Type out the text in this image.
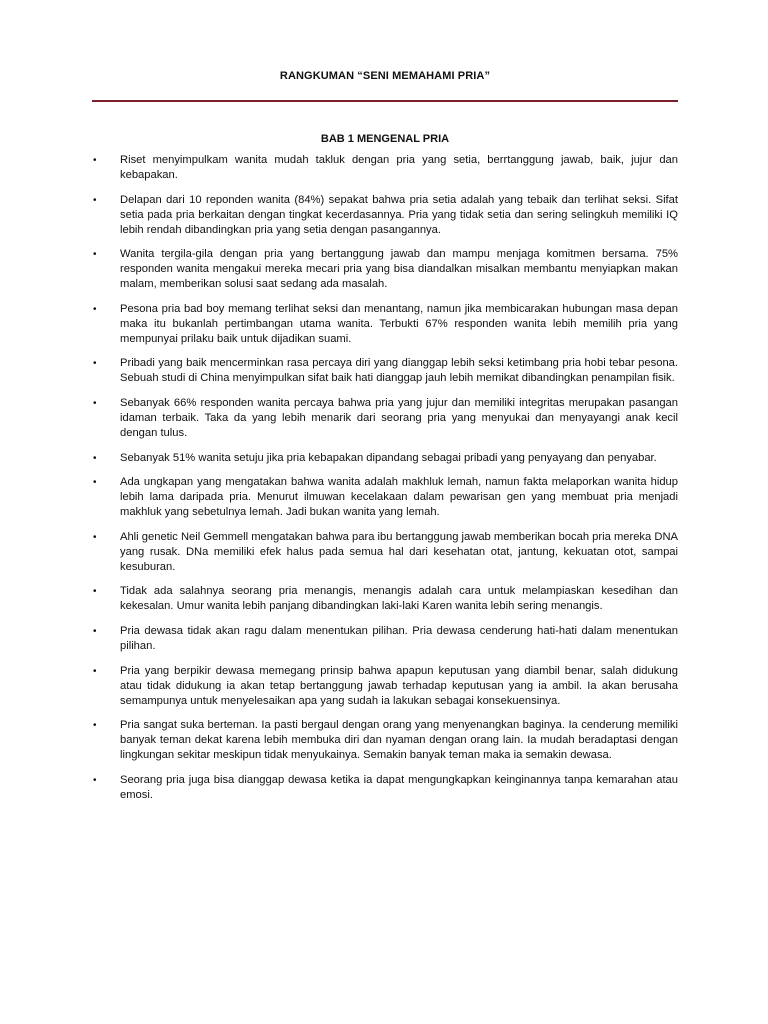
RANGKUMAN “SENI MEMAHAMI PRIA”
BAB 1 MENGENAL PRIA
• Riset menyimpulkam wanita mudah takluk dengan pria yang setia, berrtanggung jawab, baik, jujur dan kebapakan.
• Delapan dari 10 reponden wanita (84%) sepakat bahwa pria setia adalah yang tebaik dan terlihat seksi. Sifat setia pada pria berkaitan dengan tingkat kecerdasannya. Pria yang tidak setia dan sering selingkuh memiliki IQ lebih rendah dibandingkan pria yang setia dengan pasangannya.
• Wanita tergila-gila dengan pria yang bertanggung jawab dan mampu menjaga komitmen bersama. 75% responden wanita mengakui mereka mecari pria yang bisa diandalkan misalkan membantu menyiapkan makan malam, memberikan solusi saat sedang ada masalah.
• Pesona pria bad boy memang terlihat seksi dan menantang, namun jika membicarakan hubungan masa depan maka itu bukanlah pertimbangan utama wanita. Terbukti 67% responden wanita lebih memilih pria yang mempunyai prilaku baik untuk dijadikan suami.
• Pribadi yang baik mencerminkan rasa percaya diri yang dianggap lebih seksi ketimbang pria hobi tebar pesona. Sebuah studi di China menyimpulkan sifat baik hati dianggap jauh lebih memikat dibandingkan penampilan fisik.
• Sebanyak 66% responden wanita percaya bahwa pria yang jujur dan memiliki integritas merupakan pasangan idaman terbaik. Taka da yang lebih menarik dari seorang pria yang menyukai dan menyayangi anak kecil dengan tulus.
• Sebanyak 51% wanita setuju jika pria kebapakan dipandang sebagai pribadi yang penyayang dan penyabar.
• Ada ungkapan yang mengatakan bahwa wanita adalah makhluk lemah, namun fakta melaporkan wanita hidup lebih lama daripada pria. Menurut ilmuwan kecelakaan dalam pewarisan gen yang membuat pria menjadi makhluk yang sebetulnya lemah. Jadi bukan wanita yang lemah.
• Ahli genetic Neil Gemmell mengatakan bahwa para ibu bertanggung jawab memberikan bocah pria mereka DNA yang rusak. DNa memiliki efek halus pada semua hal dari kesehatan otat, jantung, kekuatan otot, sampai kesuburan.
• Tidak ada salahnya seorang pria menangis, menangis adalah cara untuk melampiaskan kesedihan dan kekesalan. Umur wanita lebih panjang dibandingkan laki-laki Karen wanita lebih sering menangis.
• Pria dewasa tidak akan ragu dalam menentukan pilihan. Pria dewasa cenderung hati-hati dalam menentukan pilihan.
• Pria yang berpikir dewasa memegang prinsip bahwa apapun keputusan yang diambil benar, salah didukung atau tidak didukung ia akan tetap bertanggung jawab terhadap keputusan yang ia ambil. Ia akan berusaha semampunya untuk menyelesaikan apa yang sudah ia lakukan sebagai konsekuensinya.
• Pria sangat suka berteman. Ia pasti bergaul dengan orang yang menyenangkan baginya. Ia cenderung memiliki banyak teman dekat karena lebih membuka diri dan nyaman dengan orang lain. Ia mudah beradaptasi dengan lingkungan sekitar meskipun tidak menyukainya. Semakin banyak teman maka ia semakin dewasa.
• Seorang pria juga bisa dianggap dewasa ketika ia dapat mengungkapkan keinginannya tanpa kemarahan atau emosi.
